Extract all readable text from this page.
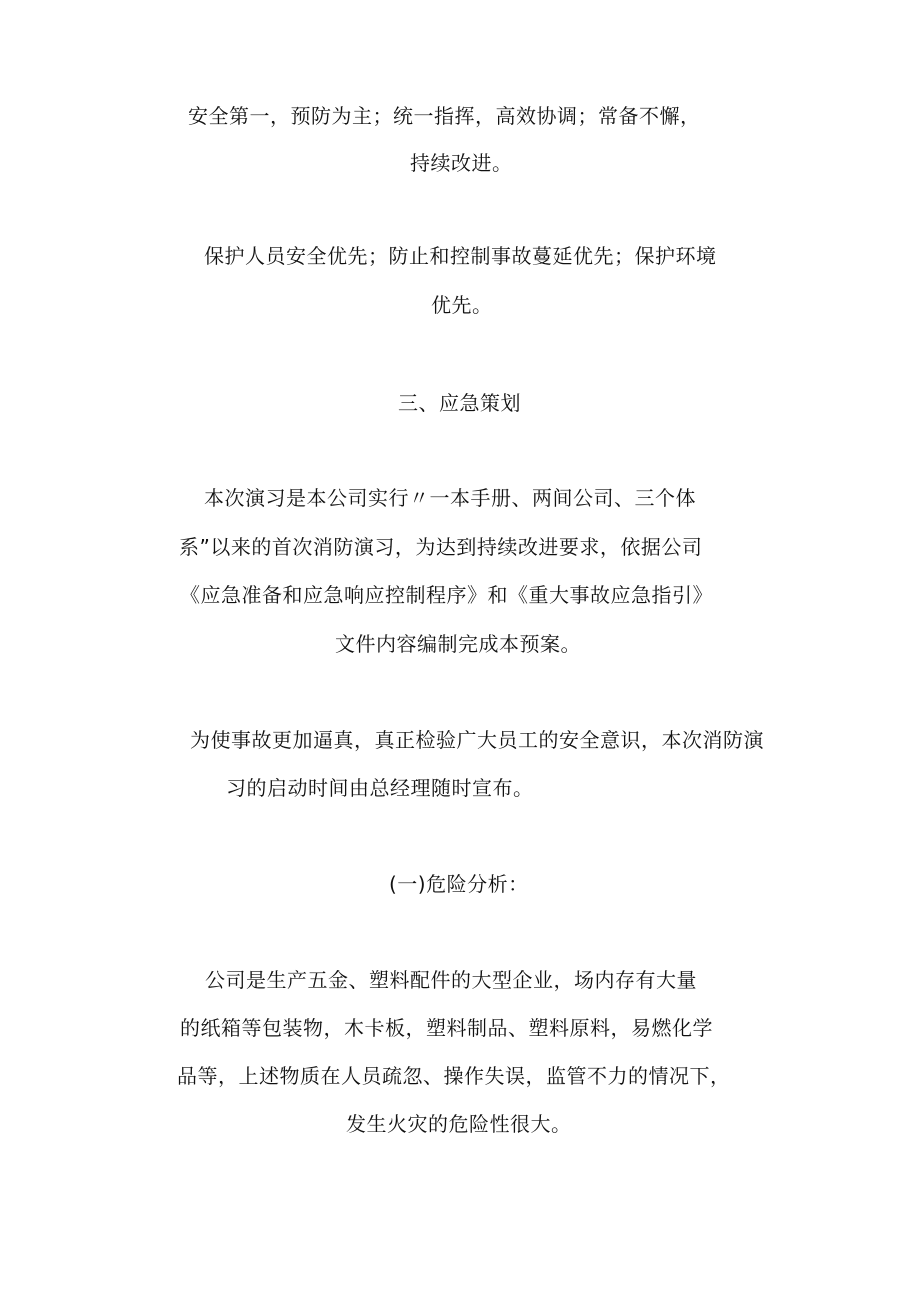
安全第一，预防为主；统一指挥，高效协调；常备不懈，
持续改进。
保护人员安全优先；防止和控制事故蔓延优先；保护环境
优先。
三、应急策划
本次演习是本公司实行〃一本手册、两间公司、三个体
系”以来的首次消防演习，为达到持续改进要求，依据公司
《应急准备和应急响应控制程序》和《重大事故应急指引》
文件内容编制完成本预案。
为使事故更加逼真，真正检验广大员工的安全意识，本次消防演
习的启动时间由总经理随时宣布。
(一)危险分析：
公司是生产五金、塑料配件的大型企业，场内存有大量
的纸箱等包装物，木卡板，塑料制品、塑料原料，易燃化学
品等，上述物质在人员疏忽、操作失误，监管不力的情况下，
发生火灾的危险性很大。
